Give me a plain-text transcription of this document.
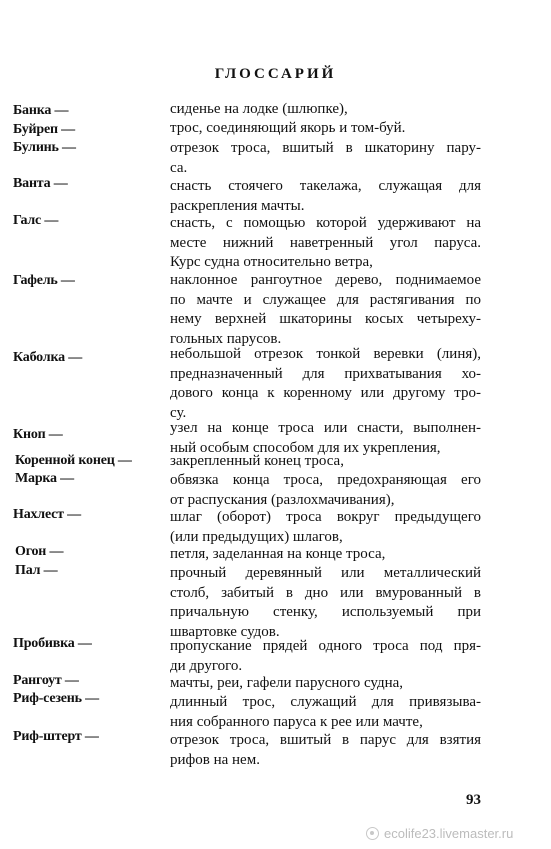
ГЛОССАРИЙ
Банка —	сиденье на лодке (шлюпке),
Буйреп —	трос, соединяющий якорь и том-буй.
Булинь —	отрезок троса, вшитый в шкаторину пару-
са.
Ванта —	снасть стоячего такелажа, служащая для
раскрепления мачты.
Галс —	снасть, с помощью которой удерживают на
месте нижний наветренный угол паруса.
Курс судна относительно ветра,
Гафель —	наклонное рангоутное дерево, поднимаемое
по мачте и служащее для растягивания по
нему верхней шкаторины косых четыреху-
гольных парусов.
Каболка —	небольшой отрезок тонкой веревки (линя),
предназначенный для прихватывания хо-
дового конца к коренному или другому тро-
су.
Кноп —	узел на конце троса или снасти, выполнен-
ный особым способом для их укрепления,
Коренной конец —	закрепленный конец троса,
Марка —	обвязка конца троса, предохраняющая его
от распускания (разлохмачивания),
Нахлест —	шлаг (оборот) троса вокруг предыдущего
(или предыдущих) шлагов,
Огон —	петля, заделанная на конце троса,
Пал —	прочный деревянный или металлический
столб, забитый в дно или вмурованный в
причальную стенку, используемый при
швартовке судов.
Пробивка —	пропускание прядей одного троса под пря-
ди другого.
Рангоут —	мачты, реи, гафели парусного судна,
Риф-сезень —	длинный трос, служащий для привязыва-
ния собранного паруса к рее или мачте,
Риф-штерт —	отрезок троса, вшитый в парус для взятия
рифов на нем.
93
ecolife23.livemaster.ru
